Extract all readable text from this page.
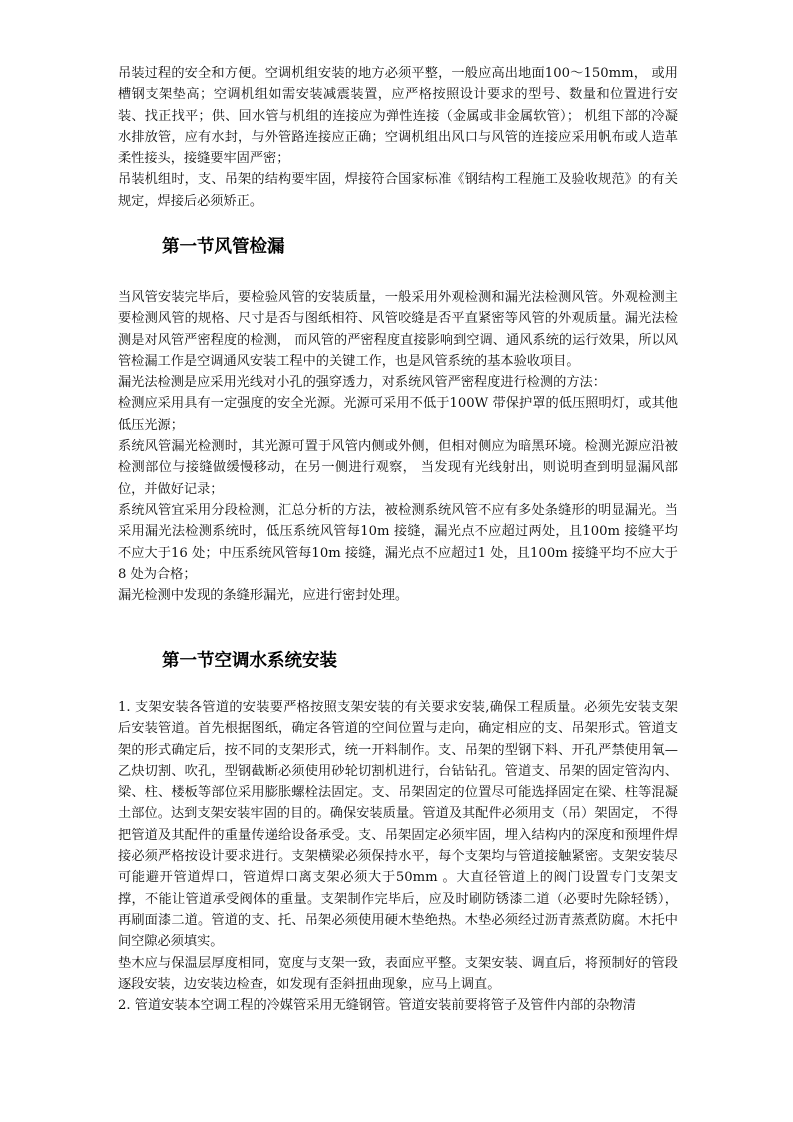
吊装过程的安全和方便。空调机组安装的地方必须平整，一般应高出地面100～150mm， 或用槽钢支架垫高；空调机组如需安装减震装置，应严格按照设计要求的型号、数量和位置进行安装、找正找平；供、回水管与机组的连接应为弹性连接（金属或非金属软管）； 机组下部的冷凝水排放管，应有水封，与外管路连接应正确；空调机组出风口与风管的连接应采用帆布或人造革柔性接头，接缝要牢固严密；

吊装机组时，支、吊架的结构要牢固，焊接符合国家标准《钢结构工程施工及验收规范》的有关规定，焊接后必须矫正。

第一节风管检漏

当风管安装完毕后，要检验风管的安装质量，一般采用外观检测和漏光法检测风管。外观检测主要检测风管的规格、尺寸是否与图纸相符、风管咬缝是否平直紧密等风管的外观质量。漏光法检测是对风管严密程度的检测， 而风管的严密程度直接影响到空调、通风系统的运行效果，所以风管检漏工作是空调通风安装工程中的关键工作，也是风管系统的基本验收项目。

漏光法检测是应采用光线对小孔的强穿透力，对系统风管严密程度进行检测的方法：

检测应采用具有一定强度的安全光源。光源可采用不低于100W 带保护罩的低压照明灯，或其他低压光源；

系统风管漏光检测时，其光源可置于风管内侧或外侧，但相对侧应为暗黑环境。检测光源应沿被检测部位与接缝做缓慢移动，在另一侧进行观察， 当发现有光线射出，则说明查到明显漏风部位，并做好记录；

系统风管宜采用分段检测，汇总分析的方法，被检测系统风管不应有多处条缝形的明显漏光。当采用漏光法检测系统时，低压系统风管每10m 接缝，漏光点不应超过两处，且100m 接缝平均不应大于16 处；中压系统风管每10m 接缝，漏光点不应超过1 处，且100m 接缝平均不应大于8 处为合格；

漏光检测中发现的条缝形漏光，应进行密封处理。

第一节空调水系统安装

1. 支架安装各管道的安装要严格按照支架安装的有关要求安装,确保工程质量。必须先安装支架后安装管道。首先根据图纸，确定各管道的空间位置与走向，确定相应的支、吊架形式。管道支架的形式确定后，按不同的支架形式，统一开料制作。支、吊架的型钢下料、开孔严禁使用氧—乙炔切割、吹孔，型钢截断必须使用砂轮切割机进行，台钻钻孔。管道支、吊架的固定管沟内、梁、柱、楼板等部位采用膨胀螺栓法固定。支、吊架固定的位置尽可能选择固定在梁、柱等混凝土部位。达到支架安装牢固的目的。确保安装质量。管道及其配件必须用支（吊）架固定， 不得把管道及其配件的重量传递给设备承受。支、吊架固定必须牢固，埋入结构内的深度和预埋件焊接必须严格按设计要求进行。支架横梁必须保持水平，每个支架均与管道接触紧密。支架安装尽可能避开管道焊口，管道焊口离支架必须大于50mm 。大直径管道上的阀门设置专门支架支撑，不能让管道承受阀体的重量。支架制作完毕后，应及时刷防锈漆二道（必要时先除轻锈），再刷面漆二道。管道的支、托、吊架必须使用硬木垫绝热。木垫必须经过沥青蒸煮防腐。木托中间空隙必须填实。

垫木应与保温层厚度相同，宽度与支架一致，表面应平整。支架安装、调直后，将预制好的管段逐段安装，边安装边检查，如发现有歪斜扭曲现象，应马上调直。

2. 管道安装本空调工程的冷媒管采用无缝钢管。管道安装前要将管子及管件内部的杂物清
